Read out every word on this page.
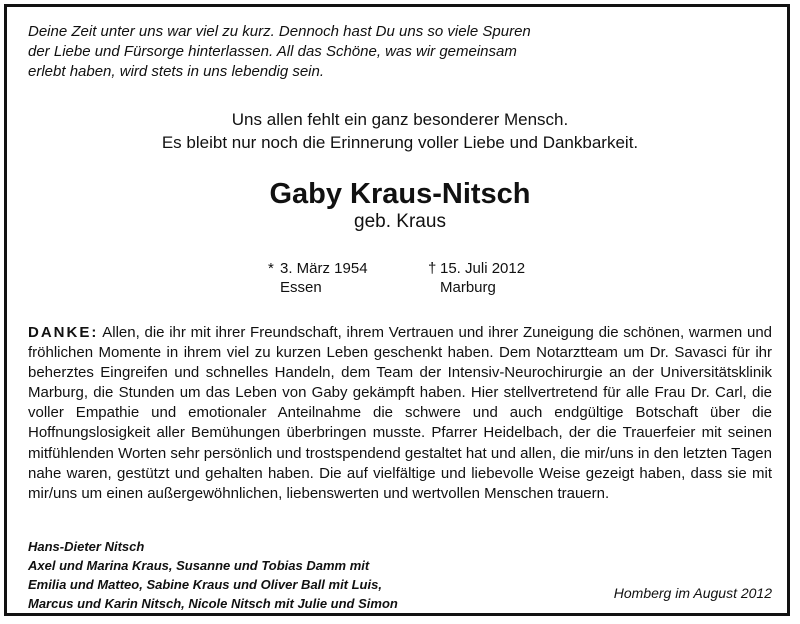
Deine Zeit unter uns war viel zu kurz. Dennoch hast Du uns so viele Spuren
der Liebe und Fürsorge hinterlassen. All das Schöne, was wir gemeinsam
erlebt haben, wird stets in uns lebendig sein.
Uns allen fehlt ein ganz besonderer Mensch.
Es bleibt nur noch die Erinnerung voller Liebe und Dankbarkeit.
Gaby Kraus-Nitsch
geb. Kraus
* 3. März 1954
Essen
† 15. Juli 2012
Marburg
DANKE: Allen, die ihr mit ihrer Freundschaft, ihrem Vertrauen und ihrer Zuneigung die schönen, warmen und fröhlichen Momente in ihrem viel zu kurzen Leben geschenkt haben. Dem Notarztteam um Dr. Savasci für ihr beherztes Eingreifen und schnelles Handeln, dem Team der Intensiv-Neurochirurgie an der Universitätsklinik Marburg, die Stunden um das Leben von Gaby gekämpft haben. Hier stellvertretend für alle Frau Dr. Carl, die voller Empathie und emotionaler Anteilnahme die schwere und auch endgültige Botschaft über die Hoffnungslosigkeit aller Bemühungen überbringen musste. Pfarrer Heidelbach, der die Trauerfeier mit seinen mitfühlenden Worten sehr persönlich und trostspendend gestaltet hat und allen, die mir/uns in den letzten Tagen nahe waren, gestützt und gehalten haben. Die auf vielfältige und liebevolle Weise gezeigt haben, dass sie mit mir/uns um einen außergewöhnlichen, liebenswerten und wertvollen Menschen trauern.
Hans-Dieter Nitsch
Axel und Marina Kraus, Susanne und Tobias Damm mit
Emilia und Matteo, Sabine Kraus und Oliver Ball mit Luis,
Marcus und Karin Nitsch, Nicole Nitsch mit Julie und Simon
Homberg im August 2012
